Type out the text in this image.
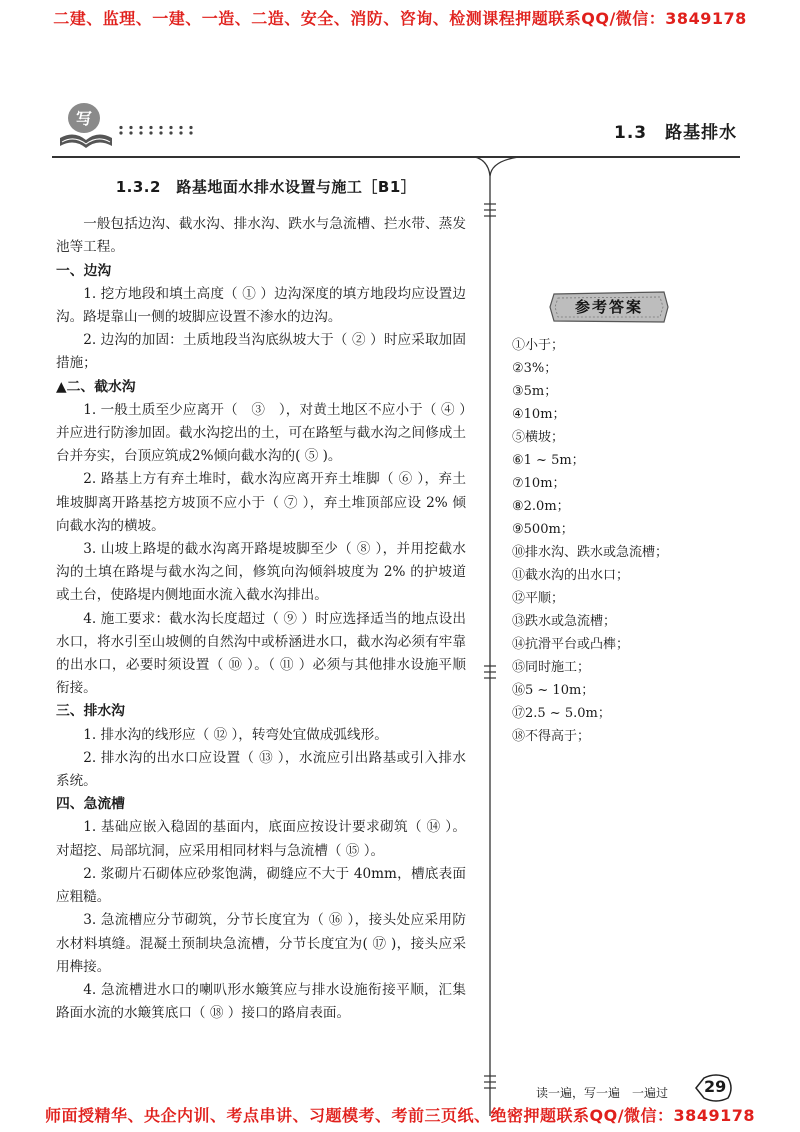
二建、监理、一建、一造、二造、安全、消防、咨询、检测课程押题联系QQ/微信：3849178
写
1.3　路基排水
1.3.2　路基地面水排水设置与施工［B1］

一般包括边沟、截水沟、排水沟、跌水与急流槽、拦水带、蒸发池等工程。

一、边沟

1. 挖方地段和填土高度（ ① ）边沟深度的填方地段均应设置边沟。路堤靠山一侧的坡脚应设置不渗水的边沟。

2. 边沟的加固：土质地段当沟底纵坡大于（ ② ）时应采取加固措施；

▲二、截水沟

1. 一般土质至少应离开（　③　），对黄土地区不应小于（ ④ ）并应进行防渗加固。截水沟挖出的土，可在路堑与截水沟之间修成土台并夯实，台顶应筑成2%倾向截水沟的( ⑤ )。

2. 路基上方有弃土堆时，截水沟应离开弃土堆脚（ ⑥ ），弃土堆坡脚离开路基挖方坡顶不应小于（ ⑦ ），弃土堆顶部应设 2% 倾向截水沟的横坡。

3. 山坡上路堤的截水沟离开路堤坡脚至少（ ⑧ ），并用挖截水沟的土填在路堤与截水沟之间，修筑向沟倾斜坡度为 2% 的护坡道或土台，使路堤内侧地面水流入截水沟排出。

4. 施工要求：截水沟长度超过（ ⑨ ）时应选择适当的地点设出水口，将水引至山坡侧的自然沟中或桥涵进水口，截水沟必须有牢靠的出水口，必要时须设置（ ⑩ ）。（ ⑪ ）必须与其他排水设施平顺衔接。

三、排水沟

1. 排水沟的线形应（ ⑫ ），转弯处宜做成弧线形。

2. 排水沟的出水口应设置（ ⑬ ），水流应引出路基或引入排水系统。

四、急流槽

1. 基础应嵌入稳固的基面内，底面应按设计要求砌筑（ ⑭ ）。对超挖、局部坑洞，应采用相同材料与急流槽（ ⑮ ）。

2. 浆砌片石砌体应砂浆饱满，砌缝应不大于 40mm，槽底表面应粗糙。

3. 急流槽应分节砌筑，分节长度宜为（ ⑯ ），接头处应采用防水材料填缝。混凝土预制块急流槽，分节长度宜为( ⑰ )，接头应采用榫接。

4. 急流槽进水口的喇叭形水簸箕应与排水设施衔接平顺，汇集路面水流的水簸箕底口（ ⑱ ）接口的路肩表面。

参考答案
①小于；
②3%；
③5m；
④10m；
⑤横坡；
⑥1 ~ 5m；
⑦10m；
⑧2.0m；
⑨500m；
⑩排水沟、跌水或急流槽；
⑪截水沟的出水口；
⑫平顺；
⑬跌水或急流槽；
⑭抗滑平台或凸榫；
⑮同时施工；
⑯5 ~ 10m；
⑰2.5 ~ 5.0m；
⑱不得高于；
读一遍，写一遍　一遍过 29
师面授精华、央企内训、考点串讲、习题模考、考前三页纸、绝密押题联系QQ/微信：3849178
